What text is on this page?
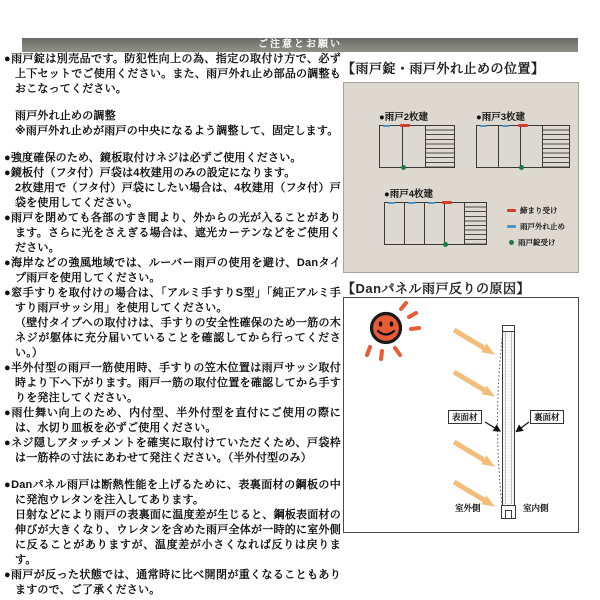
ご注意とお願い
●雨戸錠は別売品です。防犯性向上の為、指定の取付け方で、必ず上下セットでご使用ください。また、雨戸外れ止め部品の調整もおこなってください。
雨戸外れ止めの調整
※雨戸外れ止めが雨戸の中央になるよう調整して、固定します。
●強度確保のため、鏡板取付けネジは必ずご使用ください。
●鏡板付（フタ付）戸袋は4枚建用のみの設定になります。
2枚建用で（フタ付）戸袋にしたい場合は、4枚建用（フタ付）戸袋を使用してください。
●雨戸を閉めても各部のすき間より、外からの光が入ることがあります。さらに光をさえぎる場合は、遮光カーテンなどをご使用ください。
●海岸などの強風地域では、ルーバー雨戸の使用を避け、Danタイプ雨戸を使用してください。
●窓手すりを取付けの場合は、「アルミ手すりS型」「純正アルミ手すり雨戸サッシ用」を使用してください。
（壁付タイプへの取付けは、手すりの安全性確保のため一筋の木ネジが躯体に充分届いていることを確認してから行ってください。）
●半外付型の雨戸一筋使用時、手すりの笠木位置は雨戸サッシ取付時より下へ下がります。雨戸一筋の取付位置を確認してから手すりを発注してください。
●雨仕舞い向上のため、内付型、半外付型を直付にご使用の際には、水切り皿板を必ずご使用ください。
●ネジ隠しアタッチメントを確実に取付けていただくため、戸袋枠は一筋枠の寸法にあわせて発注ください。（半外付型のみ）
●Danパネル雨戸は断熱性能を上げるために、表裏面材の鋼板の中に発泡ウレタンを注入してあります。
日射などにより雨戸の表裏面に温度差が生じると、鋼板表面材の伸びが大きくなり、ウレタンを含めた雨戸全体が一時的に室外側に反ることがありますが、温度差が小さくなれば反りは戻ります。
●雨戸が反った状態では、通常時に比べ開閉が重くなることもありますので、ご了承ください。
【雨戸錠・雨戸外れ止めの位置】
●雨戸2枚建	●雨戸3枚建
●雨戸4枚建
締まり受け
雨戸外れ止め
雨戸錠受け
【Danパネル雨戸反りの原因】
表面材	裏面材
室外側	室内側
